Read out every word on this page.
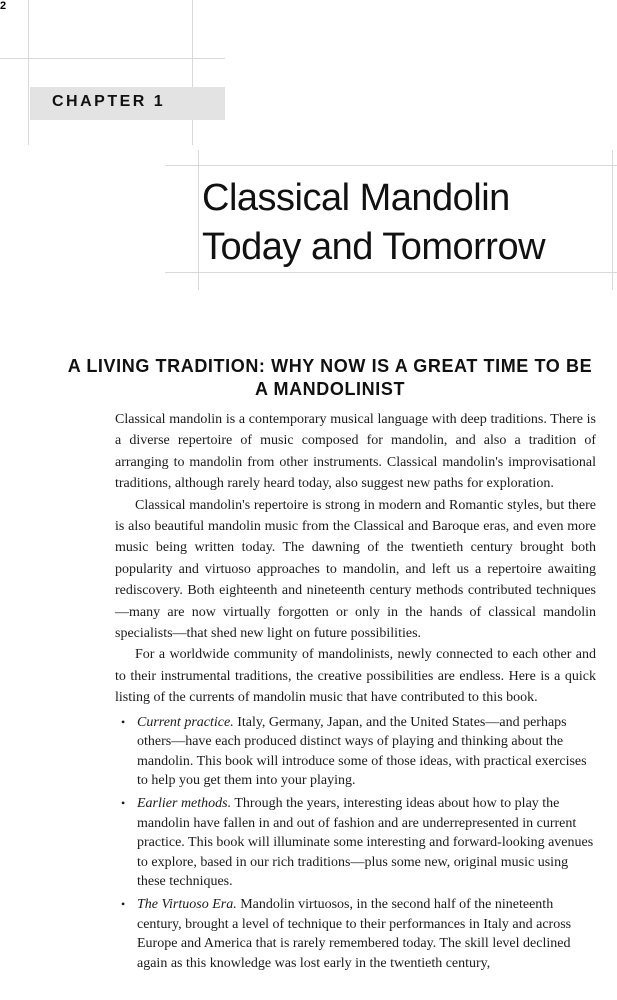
2
CHAPTER 1
Classical Mandolin
Today and Tomorrow
A LIVING TRADITION: WHY NOW IS A GREAT TIME TO BE A MANDOLINIST

Classical mandolin is a contemporary musical language with deep traditions. There is a diverse repertoire of music composed for mandolin, and also a tradition of arranging to mandolin from other instruments. Classical mandolin's improvisational traditions, although rarely heard today, also suggest new paths for exploration.

Classical mandolin's repertoire is strong in modern and Romantic styles, but there is also beautiful mandolin music from the Classical and Baroque eras, and even more music being written today. The dawning of the twentieth century brought both popularity and virtuoso approaches to mandolin, and left us a repertoire awaiting rediscovery. Both eighteenth and nineteenth century methods contributed techniques—many are now virtually forgotten or only in the hands of classical mandolin specialists—that shed new light on future possibilities.

For a worldwide community of mandolinists, newly connected to each other and to their instrumental traditions, the creative possibilities are endless. Here is a quick listing of the currents of mandolin music that have contributed to this book.

• Current practice. Italy, Germany, Japan, and the United States—and perhaps others—have each produced distinct ways of playing and thinking about the mandolin. This book will introduce some of those ideas, with practical exercises to help you get them into your playing.
• Earlier methods. Through the years, interesting ideas about how to play the mandolin have fallen in and out of fashion and are underrepresented in current practice. This book will illuminate some interesting and forward-looking avenues to explore, based in our rich traditions—plus some new, original music using these techniques.
• The Virtuoso Era. Mandolin virtuosos, in the second half of the nineteenth century, brought a level of technique to their performances in Italy and across Europe and America that is rarely remembered today. The skill level declined again as this knowledge was lost early in the twentieth century,
